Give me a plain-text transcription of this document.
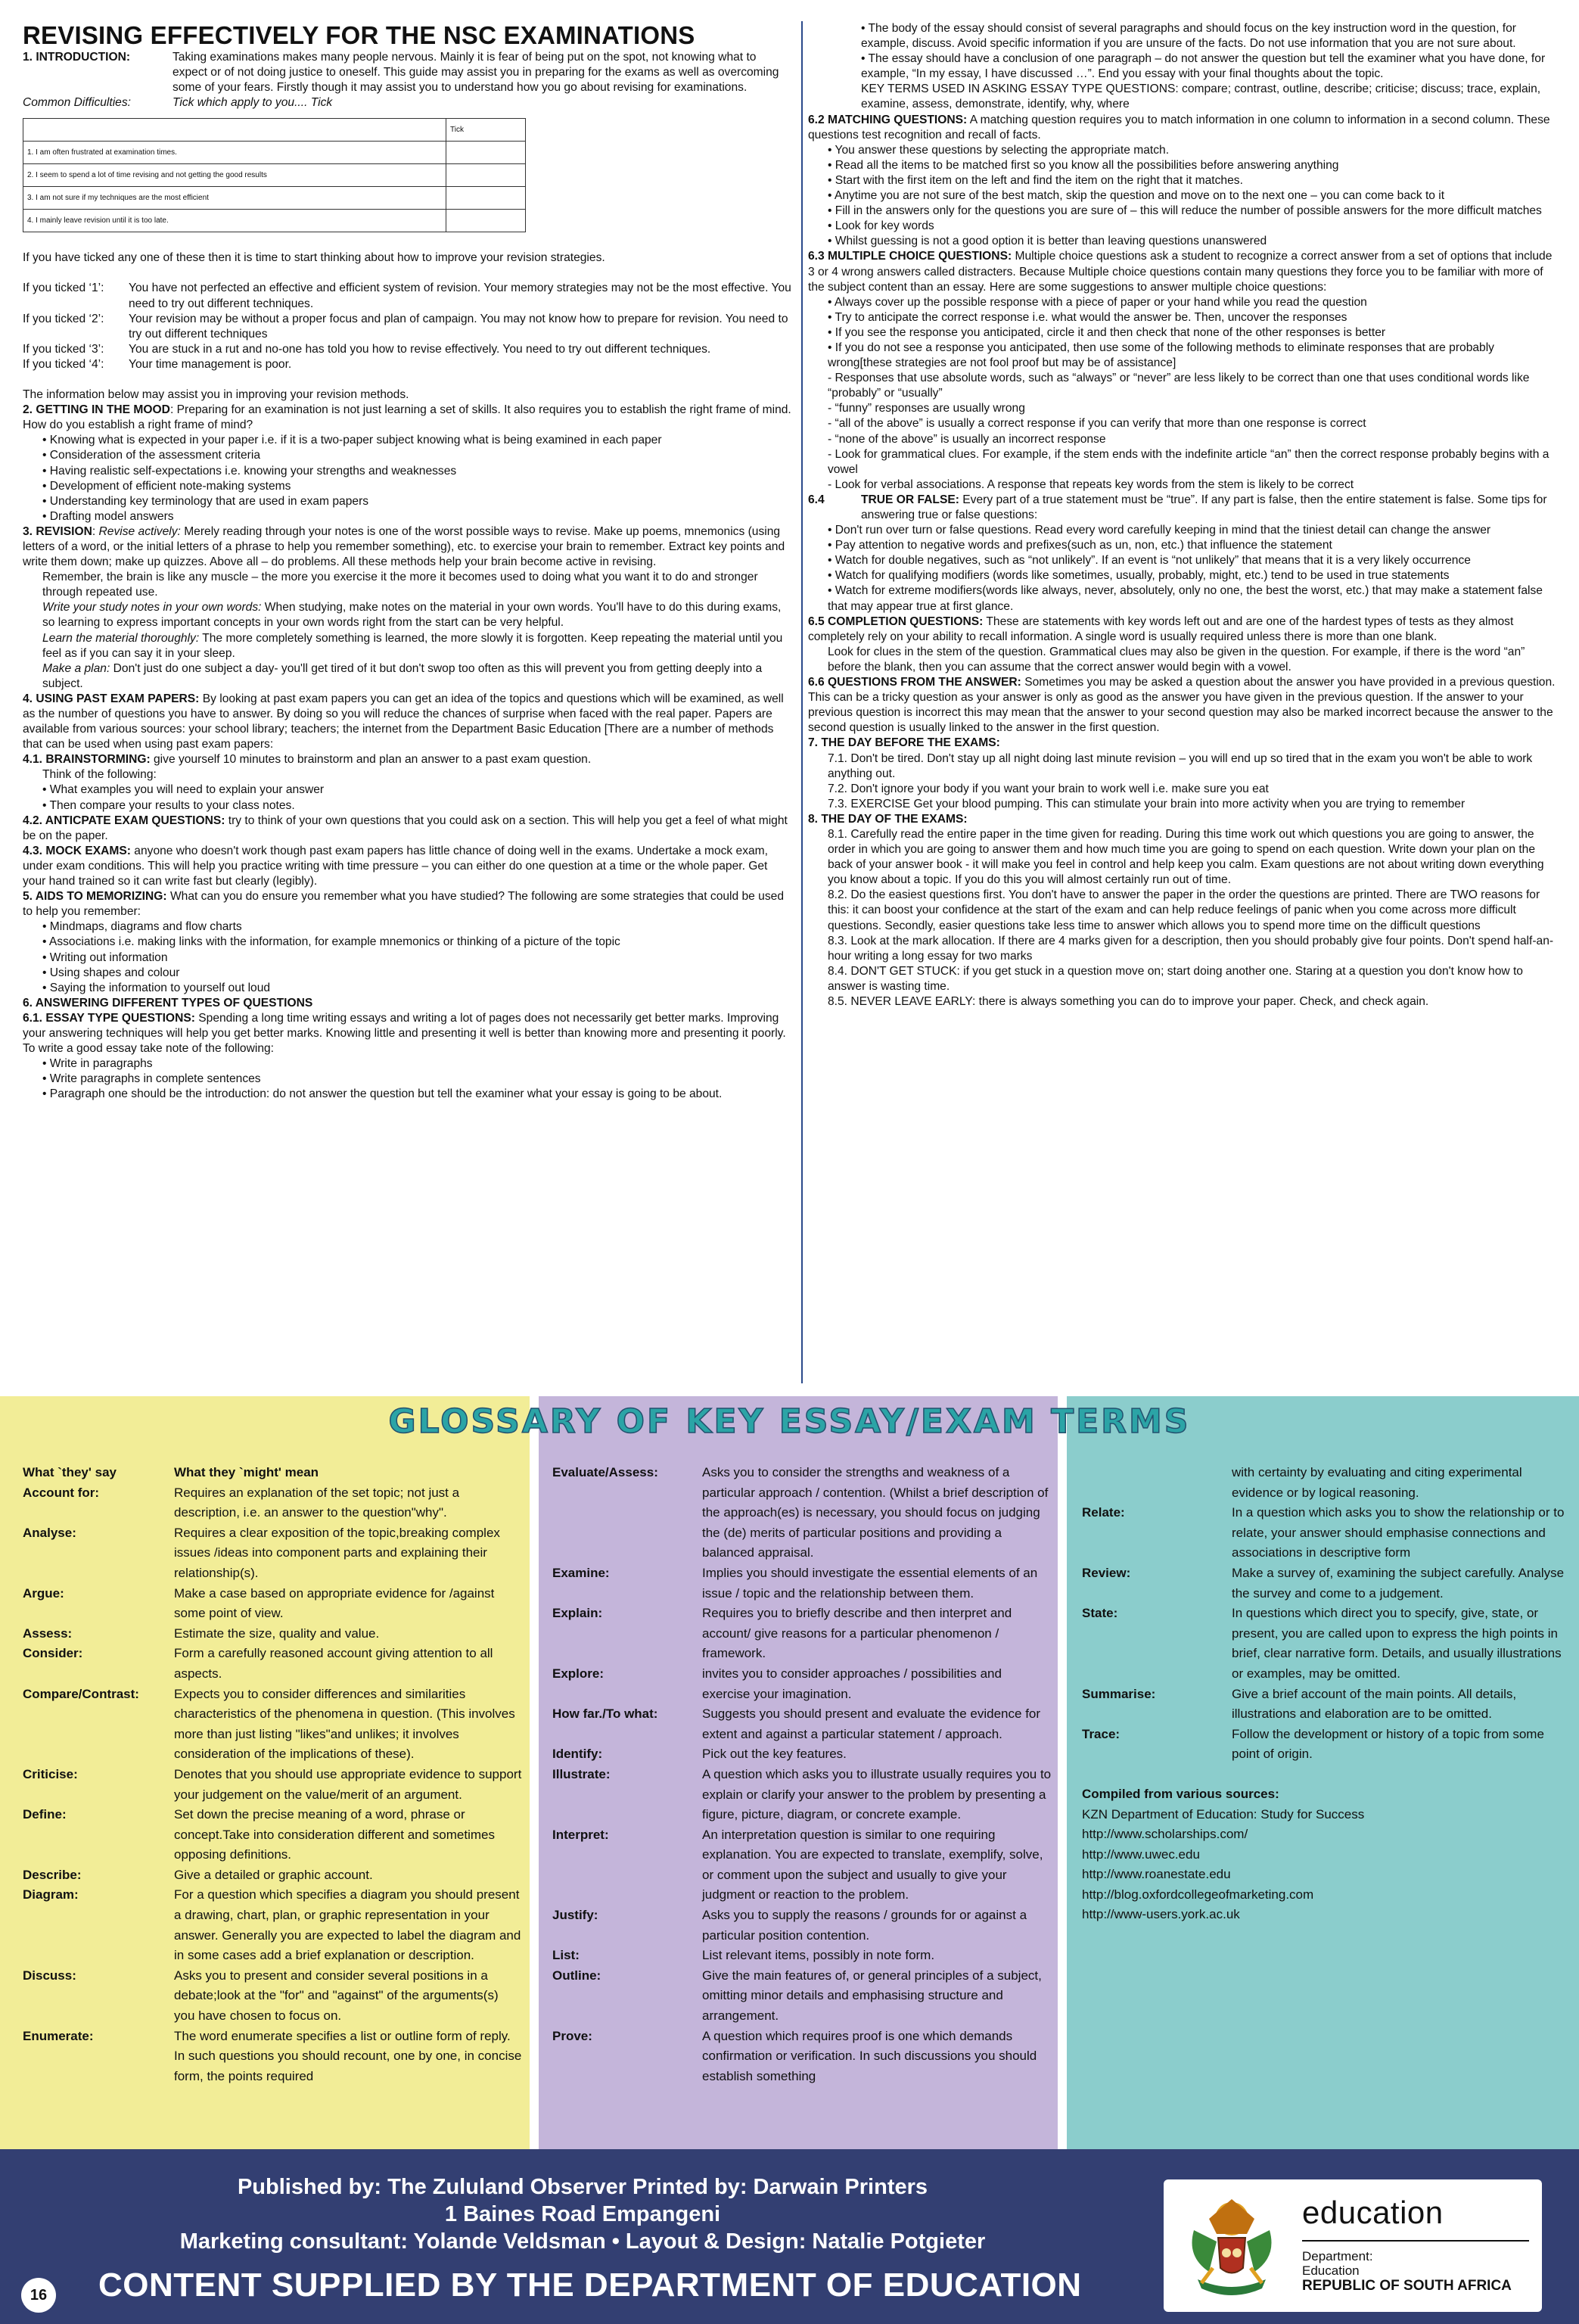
REVISING EFFECTIVELY FOR THE NSC EXAMINATIONS
1. INTRODUCTION:	Taking examinations makes many people nervous. Mainly it is fear of being put on the spot, not knowing what to expect or of not doing justice to oneself. This guide may assist you in preparing for the exams as well as overcoming some of your fears. Firstly though it may assist you to understand how you go about revising for examinations.
Common Difficulties:	Tick which apply to you.... Tick
	Tick
1. I am often frustrated at examination times.	
2. I seem to spend a lot of time revising and not getting the good results	
3. I am not sure if my techniques are the most efficient	
4. I mainly leave revision until it is too late.	
If you have ticked any one of these then it is time to start thinking about how to improve your revision strategies.
If you ticked ‘1’:	You have not perfected an effective and efficient system of revision. Your memory strategies may not be the most effective. You need to try out different techniques.
If you ticked ‘2’:	Your revision may be without a proper focus and plan of campaign. You may not know how to prepare for revision. You need to try out different techniques
If you ticked ‘3’:	You are stuck in a rut and no-one has told you how to revise effectively. You need to try out different techniques.
If you ticked ‘4’:	Your time management is poor.
The information below may assist you in improving your revision methods.
2. GETTING IN THE MOOD: Preparing for an examination is not just learning a set of skills. It also requires you to establish the right frame of mind. How do you establish a right frame of mind?
• Knowing what is expected in your paper i.e. if it is a two-paper subject knowing what is being examined in each paper
• Consideration of the assessment criteria
• Having realistic self-expectations i.e. knowing your strengths and weaknesses
• Development of efficient note-making systems
• Understanding key terminology that are used in exam papers
• Drafting model answers
3. REVISION: Revise actively: Merely reading through your notes is one of the worst possible ways to revise. Make up poems, mnemonics (using letters of a word, or the initial letters of a phrase to help you remember something), etc. to exercise your brain to remember. Extract key points and write them down; make up quizzes. Above all – do problems. All these methods help your brain become active in revising.
Remember, the brain is like any muscle – the more you exercise it the more it becomes used to doing what you want it to do and stronger through repeated use.
Write your study notes in your own words: When studying, make notes on the material in your own words. You'll have to do this during exams, so learning to express important concepts in your own words right from the start can be very helpful.
Learn the material thoroughly: The more completely something is learned, the more slowly it is forgotten. Keep repeating the material until you feel as if you can say it in your sleep.
Make a plan: Don't just do one subject a day- you'll get tired of it but don't swop too often as this will prevent you from getting deeply into a subject.
4. USING PAST EXAM PAPERS: By looking at past exam papers you can get an idea of the topics and questions which will be examined, as well as the number of questions you have to answer. By doing so you will reduce the chances of surprise when faced with the real paper. Papers are available from various sources: your school library; teachers; the internet from the Department Basic Education [There are a number of methods that can be used when using past exam papers:
4.1. BRAINSTORMING: give yourself 10 minutes to brainstorm and plan an answer to a past exam question.
Think of the following:
• What examples you will need to explain your answer
• Then compare your results to your class notes.
4.2. ANTICPATE EXAM QUESTIONS: try to think of your own questions that you could ask on a section. This will help you get a feel of what might be on the paper.
4.3. MOCK EXAMS: anyone who doesn't work though past exam papers has little chance of doing well in the exams. Undertake a mock exam, under exam conditions. This will help you practice writing with time pressure – you can either do one question at a time or the whole paper. Get your hand trained so it can write fast but clearly (legibly).
5. AIDS TO MEMORIZING: What can you do ensure you remember what you have studied? The following are some strategies that could be used to help you remember:
• Mindmaps, diagrams and flow charts
• Associations i.e. making links with the information, for example mnemonics or thinking of a picture of the topic
• Writing out information
• Using shapes and colour
• Saying the information to yourself out loud
6. ANSWERING DIFFERENT TYPES OF QUESTIONS
6.1. ESSAY TYPE QUESTIONS: Spending a long time writing essays and writing a lot of pages does not necessarily get better marks. Improving your answering techniques will help you get better marks. Knowing little and presenting it well is better than knowing more and presenting it poorly. To write a good essay take note of the following:
• Write in paragraphs
• Write paragraphs in complete sentences
• Paragraph one should be the introduction: do not answer the question but tell the examiner what your essay is going to be about.
• The body of the essay should consist of several paragraphs and should focus on the key instruction word in the question, for example, discuss. Avoid specific information if you are unsure of the facts. Do not use information that you are not sure about.
• The essay should have a conclusion of one paragraph – do not answer the question but tell the examiner what you have done, for example, “In my essay, I have discussed …”. End you essay with your final thoughts about the topic.
KEY TERMS USED IN ASKING ESSAY TYPE QUESTIONS: compare; contrast, outline, describe; criticise; discuss; trace, explain, examine, assess, demonstrate, identify, why, where
6.2 MATCHING QUESTIONS: A matching question requires you to match information in one column to information in a second column. These questions test recognition and recall of facts.
• You answer these questions by selecting the appropriate match.
• Read all the items to be matched first so you know all the possibilities before answering anything
• Start with the first item on the left and find the item on the right that it matches.
• Anytime you are not sure of the best match, skip the question and move on to the next one – you can come back to it
• Fill in the answers only for the questions you are sure of – this will reduce the number of possible answers for the more difficult matches
• Look for key words
• Whilst guessing is not a good option it is better than leaving questions unanswered
6.3 MULTIPLE CHOICE QUESTIONS: Multiple choice questions ask a student to recognize a correct answer from a set of options that include 3 or 4 wrong answers called distracters. Because Multiple choice questions contain many questions they force you to be familiar with more of the subject content than an essay. Here are some suggestions to answer multiple choice questions:
• Always cover up the possible response with a piece of paper or your hand while you read the question
• Try to anticipate the correct response i.e. what would the answer be. Then, uncover the responses
• If you see the response you anticipated, circle it and then check that none of the other responses is better
• If you do not see a response you anticipated, then use some of the following methods to eliminate responses that are probably wrong[these strategies are not fool proof but may be of assistance]
- Responses that use absolute words, such as “always” or “never” are less likely to be correct than one that uses conditional words like “probably” or “usually”
- “funny” responses are usually wrong
- “all of the above” is usually a correct response if you can verify that more than one response is correct
- “none of the above” is usually an incorrect response
- Look for grammatical clues. For example, if the stem ends with the indefinite article “an” then the correct response probably begins with a vowel
- Look for verbal associations. A response that repeats key words from the stem is likely to be correct
6.4	TRUE OR FALSE: Every part of a true statement must be “true”. If any part is false, then the entire statement is false. Some tips for answering true or false questions:
• Don't run over turn or false questions. Read every word carefully keeping in mind that the tiniest detail can change the answer
• Pay attention to negative words and prefixes(such as un, non, etc.) that influence the statement
• Watch for double negatives, such as “not unlikely”. If an event is “not unlikely” that means that it is a very likely occurrence
• Watch for qualifying modifiers (words like sometimes, usually, probably, might, etc.) tend to be used in true statements
• Watch for extreme modifiers(words like always, never, absolutely, only no one, the best the worst, etc.) that may make a statement false that may appear true at first glance.
6.5 COMPLETION QUESTIONS: These are statements with key words left out and are one of the hardest types of tests as they almost completely rely on your ability to recall information. A single word is usually required unless there is more than one blank.
Look for clues in the stem of the question. Grammatical clues may also be given in the question. For example, if there is the word “an” before the blank, then you can assume that the correct answer would begin with a vowel.
6.6 QUESTIONS FROM THE ANSWER: Sometimes you may be asked a question about the answer you have provided in a previous question. This can be a tricky question as your answer is only as good as the answer you have given in the previous question. If the answer to your previous question is incorrect this may mean that the answer to your second question may also be marked incorrect because the answer to the second question is usually linked to the answer in the first question.
7. THE DAY BEFORE THE EXAMS:
7.1. Don't be tired. Don't stay up all night doing last minute revision – you will end up so tired that in the exam you won't be able to work anything out.
7.2. Don't ignore your body if you want your brain to work well i.e. make sure you eat
7.3. EXERCISE Get your blood pumping. This can stimulate your brain into more activity when you are trying to remember
8. THE DAY OF THE EXAMS:
8.1. Carefully read the entire paper in the time given for reading. During this time work out which questions you are going to answer, the order in which you are going to answer them and how much time you are going to spend on each question. Write down your plan on the back of your answer book - it will make you feel in control and help keep you calm. Exam questions are not about writing down everything you know about a topic. If you do this you will almost certainly run out of time.
8.2. Do the easiest questions first. You don't have to answer the paper in the order the questions are printed. There are TWO reasons for this: it can boost your confidence at the start of the exam and can help reduce feelings of panic when you come across more difficult questions. Secondly, easier questions take less time to answer which allows you to spend more time on the difficult questions
8.3. Look at the mark allocation. If there are 4 marks given for a description, then you should probably give four points. Don't spend half-an-hour writing a long essay for two marks
8.4. DON'T GET STUCK: if you get stuck in a question move on; start doing another one. Staring at a question you don't know how to answer is wasting time.
8.5. NEVER LEAVE EARLY: there is always something you can do to improve your paper. Check, and check again.
GLOSSARY OF KEY ESSAY/EXAM TERMS
What `they' say	What they `might' mean
Account for:	Requires an explanation of the set topic; not just a description, i.e. an answer to the question"why".
Analyse:	Requires a clear exposition of the topic,breaking complex issues /ideas into component parts and explaining their relationship(s).
Argue:	Make a case based on appropriate evidence for /against some point of view.
Assess:	Estimate the size, quality and value.
Consider:	Form a carefully reasoned account giving attention to all aspects.
Compare/Contrast:	Expects you to consider differences and similarities characteristics of the phenomena in question. (This involves more than just listing "likes"and unlikes; it involves consideration of the implications of these).
Criticise:	Denotes that you should use appropriate evidence to support your judgement on the value/merit of an argument.
Define:	Set down the precise meaning of a word, phrase or concept.Take into consideration different and sometimes opposing definitions.
Describe:	Give a detailed or graphic account.
Diagram:	For a question which specifies a diagram you should present a drawing, chart, plan, or graphic representation in your answer. Generally you are expected to label the diagram and in some cases add a brief explanation or description.
Discuss:	Asks you to present and consider several positions in a debate;look at the "for" and "against" of the arguments(s) you have chosen to focus on.
Enumerate:	The word enumerate specifies a list or outline form of reply. In such questions you should recount, one by one, in concise form, the points required
Evaluate/Assess:	Asks you to consider the strengths and weakness of a particular approach / contention. (Whilst a brief description of the approach(es) is necessary, you should focus on judging the (de) merits of particular positions and providing a balanced appraisal.
Examine:	Implies you should investigate the essential elements of an issue / topic and the relationship between them.
Explain:	Requires you to briefly describe and then interpret and account/ give reasons for a particular phenomenon / framework.
Explore:	invites you to consider approaches / possibilities and exercise your imagination.
How far./To what:	Suggests you should present and evaluate the evidence for extent and against a particular statement / approach.
Identify:	Pick out the key features.
Illustrate:	A question which asks you to illustrate usually requires you to explain or clarify your answer to the problem by presenting a figure, picture, diagram, or concrete example.
Interpret:	An interpretation question is similar to one requiring explanation. You are expected to translate, exemplify, solve, or comment upon the subject and usually to give your judgment or reaction to the problem.
Justify:	Asks you to supply the reasons / grounds for or against a particular position contention.
List:	List relevant items, possibly in note form.
Outline:	Give the main features of, or general principles of a subject, omitting minor details and emphasising structure and arrangement.
Prove:	A question which requires proof is one which demands confirmation or verification. In such discussions you should establish something
with certainty by evaluating and citing experimental evidence or by logical reasoning.
Relate:	In a question which asks you to show the relationship or to relate, your answer should emphasise connections and associations in descriptive form
Review:	Make a survey of, examining the subject carefully. Analyse the survey and come to a judgement.
State:	In questions which direct you to specify, give, state, or present, you are called upon to express the high points in brief, clear narrative form. Details, and usually illustrations or examples, may be omitted.
Summarise:	Give a brief account of the main points. All details, illustrations and elaboration are to be omitted.
Trace:	Follow the development or history of a topic from some point of origin.
Compiled from various sources:
KZN Department of Education: Study for Success
http://www.scholarships.com/
http://www.uwec.edu
http://www.roanestate.edu
http://blog.oxfordcollegeofmarketing.com
http://www-users.york.ac.uk
Published by: The Zululand Observer Printed by: Darwain Printers
1 Baines Road Empangeni
Marketing consultant: Yolande Veldsman • Layout & Design: Natalie Potgieter
16 CONTENT SUPPLIED BY THE DEPARTMENT OF EDUCATION
education
Department:
Education
REPUBLIC OF SOUTH AFRICA
